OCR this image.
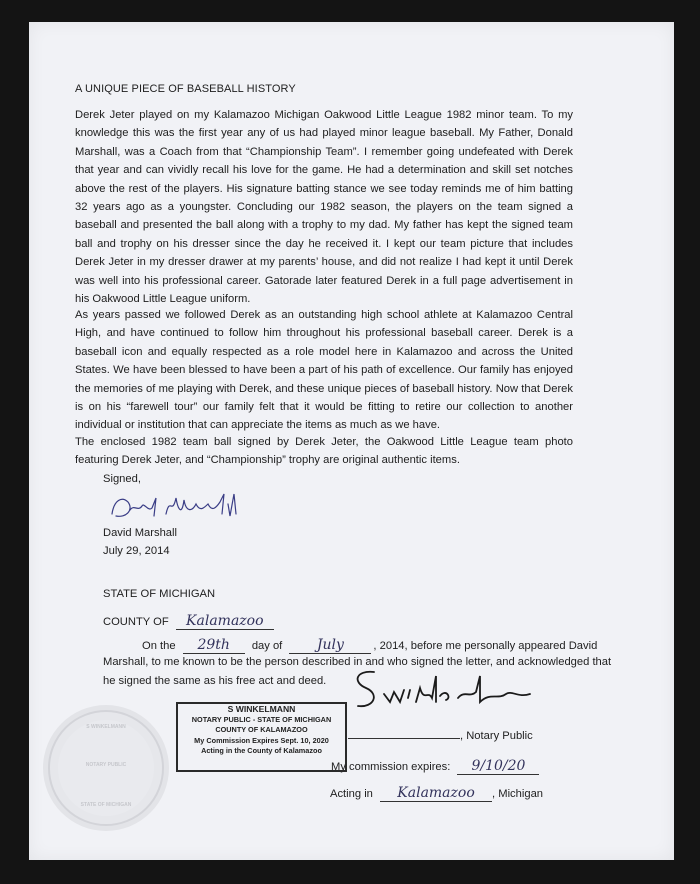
A UNIQUE PIECE OF BASEBALL HISTORY
Derek Jeter played on my Kalamazoo Michigan Oakwood Little League 1982 minor team. To my knowledge this was the first year any of us had played minor league baseball. My Father, Donald Marshall, was a Coach from that “Championship Team”. I remember going undefeated with Derek that year and can vividly recall his love for the game. He had a determination and skill set notches above the rest of the players. His signature batting stance we see today reminds me of him batting 32 years ago as a youngster. Concluding our 1982 season, the players on the team signed a baseball and presented the ball along with a trophy to my dad. My father has kept the signed team ball and trophy on his dresser since the day he received it. I kept our team picture that includes Derek Jeter in my dresser drawer at my parents’ house, and did not realize I had kept it until Derek was well into his professional career. Gatorade later featured Derek in a full page advertisement in his Oakwood Little League uniform.
As years passed we followed Derek as an outstanding high school athlete at Kalamazoo Central High, and have continued to follow him throughout his professional baseball career. Derek is a baseball icon and equally respected as a role model here in Kalamazoo and across the United States. We have been blessed to have been a part of his path of excellence. Our family has enjoyed the memories of me playing with Derek, and these unique pieces of baseball history. Now that Derek is on his “farewell tour” our family felt that it would be fitting to retire our collection to another individual or institution that can appreciate the items as much as we have.
The enclosed 1982 team ball signed by Derek Jeter, the Oakwood Little League team photo featuring Derek Jeter, and “Championship” trophy are original authentic items.
Signed,
David Marshall
July 29, 2014
STATE OF MICHIGAN
COUNTY OF Kalamazoo
On the 29th day of July	, 2014, before me personally appeared David
Marshall, to me known to be the person described in and who signed the letter, and acknowledged that
he signed the same as his free act and deed.
, Notary Public
My commission expires: 9/10/20
Acting in Kalamazoo , Michigan
S WINKELMANN
NOTARY PUBLIC
STATE OF MICHIGAN
S WINKELMANN
NOTARY PUBLIC - STATE OF MICHIGAN
COUNTY OF KALAMAZOO
My Commission Expires Sept. 10, 2020
Acting in the County of Kalamazoo
